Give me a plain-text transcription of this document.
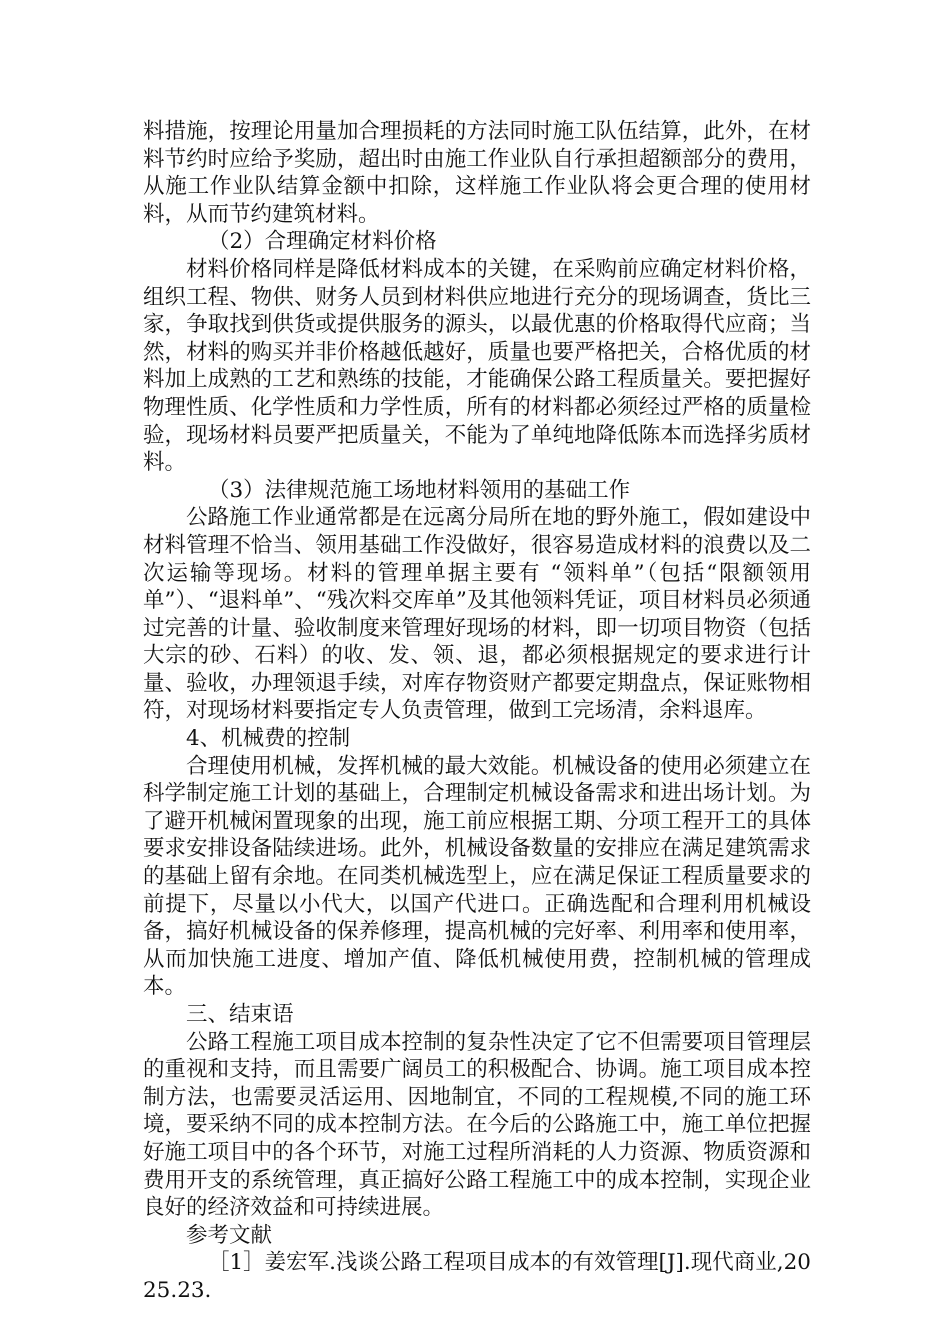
料措施，按理论用量加合理损耗的方法同时施工队伍结算，此外，在材料节约时应给予奖励，超出时由施工作业队自行承担超额部分的费用，从施工作业队结算金额中扣除，这样施工作业队将会更合理的使用材料，从而节约建筑材料。

（2）合理确定材料价格

材料价格同样是降低材料成本的关键，在采购前应确定材料价格，组织工程、物供、财务人员到材料供应地进行充分的现场调查，货比三家，争取找到供货或提供服务的源头，以最优惠的价格取得代应商；当然，材料的购买并非价格越低越好，质量也要严格把关，合格优质的材料加上成熟的工艺和熟练的技能，才能确保公路工程质量关。要把握好物理性质、化学性质和力学性质，所有的材料都必须经过严格的质量检验，现场材料员要严把质量关，不能为了单纯地降低陈本而选择劣质材料。

（3）法律规范施工场地材料领用的基础工作

公路施工作业通常都是在远离分局所在地的野外施工，假如建设中材料管理不恰当、领用基础工作没做好，很容易造成材料的浪费以及二次运输等现场。材料的管理单据主要有 “领料单”（包括“限额领用单”）、“退料单”、“残次料交库单”及其他领料凭证，项目材料员必须通过完善的计量、验收制度来管理好现场的材料，即一切项目物资（包括大宗的砂、石料）的收、发、领、退，都必须根据规定的要求进行计量、验收，办理领退手续，对库存物资财产都要定期盘点，保证账物相符，对现场材料要指定专人负责管理，做到工完场清，余料退库。

4、机械费的控制

合理使用机械，发挥机械的最大效能。机械设备的使用必须建立在科学制定施工计划的基础上，合理制定机械设备需求和进出场计划。为了避开机械闲置现象的出现，施工前应根据工期、分项工程开工的具体要求安排设备陆续进场。此外，机械设备数量的安排应在满足建筑需求的基础上留有余地。在同类机械选型上，应在满足保证工程质量要求的前提下，尽量以小代大，以国产代进口。正确选配和合理利用机械设备，搞好机械设备的保养修理，提高机械的完好率、利用率和使用率，从而加快施工进度、增加产值、降低机械使用费，控制机械的管理成本。

三、结束语

公路工程施工项目成本控制的复杂性决定了它不但需要项目管理层的重视和支持，而且需要广阔员工的积极配合、协调。施工项目成本控制方法，也需要灵活运用、因地制宜，不同的工程规模,不同的施工环境，要采纳不同的成本控制方法。在今后的公路施工中，施工单位把握好施工项目中的各个环节，对施工过程所消耗的人力资源、物质资源和费用开支的系统管理，真正搞好公路工程施工中的成本控制，实现企业良好的经济效益和可持续进展。

参考文献

［1］姜宏军.浅谈公路工程项目成本的有效管理[J].现代商业,2025.23.
